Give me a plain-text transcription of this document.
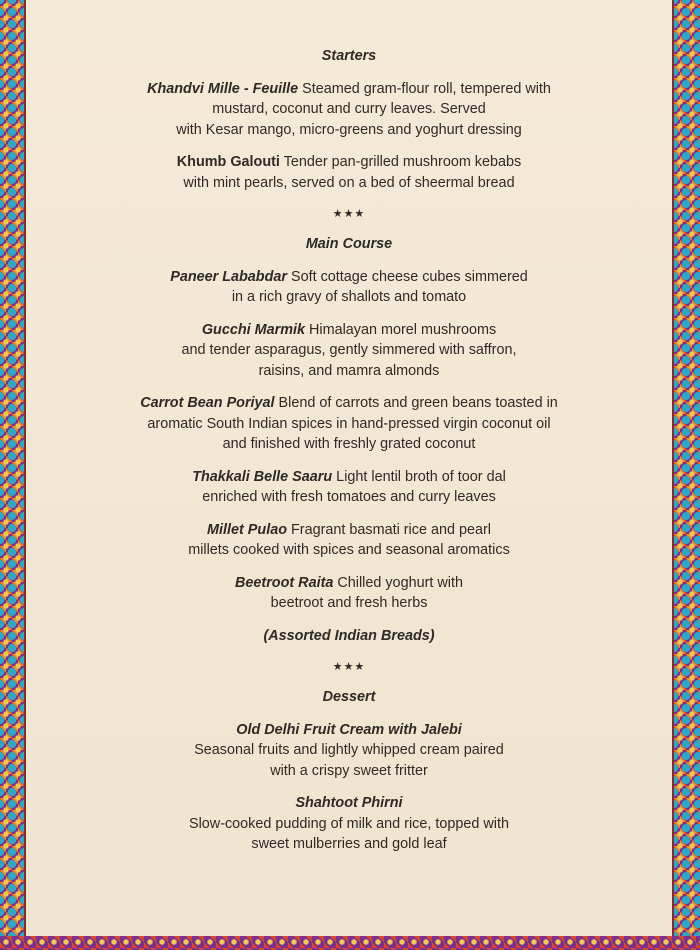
Starters

Khandvi Mille - Feuille Steamed gram-flour roll, tempered with
mustard, coconut and curry leaves. Served
with Kesar mango, micro-greens and yoghurt dressing

Khumb Galouti Tender pan-grilled mushroom kebabs
with mint pearls, served on a bed of sheermal bread

★★★

Main Course

Paneer Lababdar Soft cottage cheese cubes simmered
in a rich gravy of shallots and tomato

Gucchi Marmik Himalayan morel mushrooms
and tender asparagus, gently simmered with saffron,
raisins, and mamra almonds

Carrot Bean Poriyal Blend of carrots and green beans toasted in
aromatic South Indian spices in hand-pressed virgin coconut oil
and finished with freshly grated coconut

Thakkali Belle Saaru Light lentil broth of toor dal
enriched with fresh tomatoes and curry leaves

Millet Pulao Fragrant basmati rice and pearl
millets cooked with spices and seasonal aromatics

Beetroot Raita Chilled yoghurt with
beetroot and fresh herbs

(Assorted Indian Breads)

★★★

Dessert

Old Delhi Fruit Cream with Jalebi
Seasonal fruits and lightly whipped cream paired
with a crispy sweet fritter

Shahtoot Phirni
Slow-cooked pudding of milk and rice, topped with
sweet mulberries and gold leaf
